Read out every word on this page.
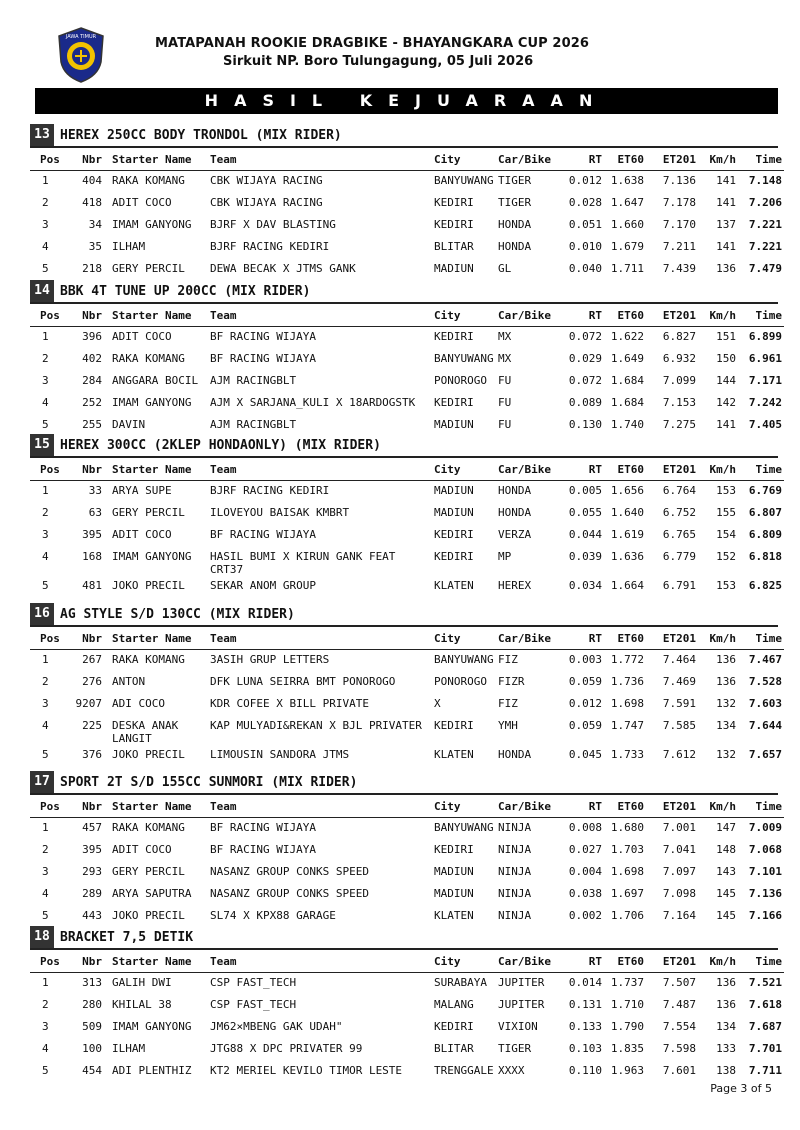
JAWA TIMUR	MATAPANAH ROOKIE DRAGBIKE - BHAYANGKARA CUP 2026
Sirkuit NP. Boro Tulungagung, 05 Juli 2026
HASIL KEJUARAAN
13 HEREX 250CC BODY TRONDOL (MIX RIDER)
Pos	Nbr	Starter Name	Team	City	Car/Bike	RT	ET60	ET201	Km/h	Time
1	404	RAKA KOMANG	CBK WIJAYA RACING	BANYUWANG	TIGER	0.012	1.638	7.136	141	7.148
2	418	ADIT COCO	CBK WIJAYA RACING	KEDIRI	TIGER	0.028	1.647	7.178	141	7.206
3	34	IMAM GANYONG	BJRF X DAV BLASTING	KEDIRI	HONDA	0.051	1.660	7.170	137	7.221
4	35	ILHAM	BJRF RACING KEDIRI	BLITAR	HONDA	0.010	1.679	7.211	141	7.221
5	218	GERY PERCIL	DEWA BECAK X JTMS GANK	MADIUN	GL	0.040	1.711	7.439	136	7.479
14 BBK 4T TUNE UP 200CC (MIX RIDER)
Pos	Nbr	Starter Name	Team	City	Car/Bike	RT	ET60	ET201	Km/h	Time
1	396	ADIT COCO	BF RACING WIJAYA	KEDIRI	MX	0.072	1.622	6.827	151	6.899
2	402	RAKA KOMANG	BF RACING WIJAYA	BANYUWANG	MX	0.029	1.649	6.932	150	6.961
3	284	ANGGARA BOCIL	AJM RACINGBLT	PONOROGO	FU	0.072	1.684	7.099	144	7.171
4	252	IMAM GANYONG	AJM X SARJANA_KULI X 18ARDOGSTK	KEDIRI	FU	0.089	1.684	7.153	142	7.242
5	255	DAVIN	AJM RACINGBLT	MADIUN	FU	0.130	1.740	7.275	141	7.405
15 HEREX 300CC (2KLEP HONDAONLY) (MIX RIDER)
Pos	Nbr	Starter Name	Team	City	Car/Bike	RT	ET60	ET201	Km/h	Time
1	33	ARYA SUPE	BJRF RACING KEDIRI	MADIUN	HONDA	0.005	1.656	6.764	153	6.769
2	63	GERY PERCIL	ILOVEYOU BAISAK KMBRT	MADIUN	HONDA	0.055	1.640	6.752	155	6.807
3	395	ADIT COCO	BF RACING WIJAYA	KEDIRI	VERZA	0.044	1.619	6.765	154	6.809
4	168	IMAM GANYONG	HASIL BUMI X KIRUN GANK FEAT CRT37	KEDIRI	MP	0.039	1.636	6.779	152	6.818
5	481	JOKO PRECIL	SEKAR ANOM GROUP	KLATEN	HEREX	0.034	1.664	6.791	153	6.825
16 AG STYLE S/D 130CC (MIX RIDER)
Pos	Nbr	Starter Name	Team	City	Car/Bike	RT	ET60	ET201	Km/h	Time
1	267	RAKA KOMANG	3ASIH GRUP LETTERS	BANYUWANG	FIZ	0.003	1.772	7.464	136	7.467
2	276	ANTON	DFK LUNA SEIRRA BMT PONOROGO	PONOROGO	FIZR	0.059	1.736	7.469	136	7.528
3	9207	ADI COCO	KDR COFEE X BILL PRIVATE	X	FIZ	0.012	1.698	7.591	132	7.603
4	225	DESKA ANAK LANGIT	KAP MULYADI&REKAN X BJL PRIVATER	KEDIRI	YMH	0.059	1.747	7.585	134	7.644
5	376	JOKO PRECIL	LIMOUSIN SANDORA JTMS	KLATEN	HONDA	0.045	1.733	7.612	132	7.657
17 SPORT 2T S/D 155CC SUNMORI (MIX RIDER)
Pos	Nbr	Starter Name	Team	City	Car/Bike	RT	ET60	ET201	Km/h	Time
1	457	RAKA KOMANG	BF RACING WIJAYA	BANYUWANG	NINJA	0.008	1.680	7.001	147	7.009
2	395	ADIT COCO	BF RACING WIJAYA	KEDIRI	NINJA	0.027	1.703	7.041	148	7.068
3	293	GERY PERCIL	NASANZ GROUP CONKS SPEED	MADIUN	NINJA	0.004	1.698	7.097	143	7.101
4	289	ARYA SAPUTRA	NASANZ GROUP CONKS SPEED	MADIUN	NINJA	0.038	1.697	7.098	145	7.136
5	443	JOKO PRECIL	SL74 X KPX88 GARAGE	KLATEN	NINJA	0.002	1.706	7.164	145	7.166
18 BRACKET 7,5 DETIK
Pos	Nbr	Starter Name	Team	City	Car/Bike	RT	ET60	ET201	Km/h	Time
1	313	GALIH DWI	CSP FAST_TECH	SURABAYA	JUPITER	0.014	1.737	7.507	136	7.521
2	280	KHILAL 38	CSP FAST_TECH	MALANG	JUPITER	0.131	1.710	7.487	136	7.618
3	509	IMAM GANYONG	JM62×MBENG GAK UDAH"	KEDIRI	VIXION	0.133	1.790	7.554	134	7.687
4	100	ILHAM	JTG88 X DPC PRIVATER 99	BLITAR	TIGER	0.103	1.835	7.598	133	7.701
5	454	ADI PLENTHIZ	KT2 MERIEL KEVILO TIMOR LESTE	TRENGGALE	XXXX	0.110	1.963	7.601	138	7.711
Page 3 of 5
